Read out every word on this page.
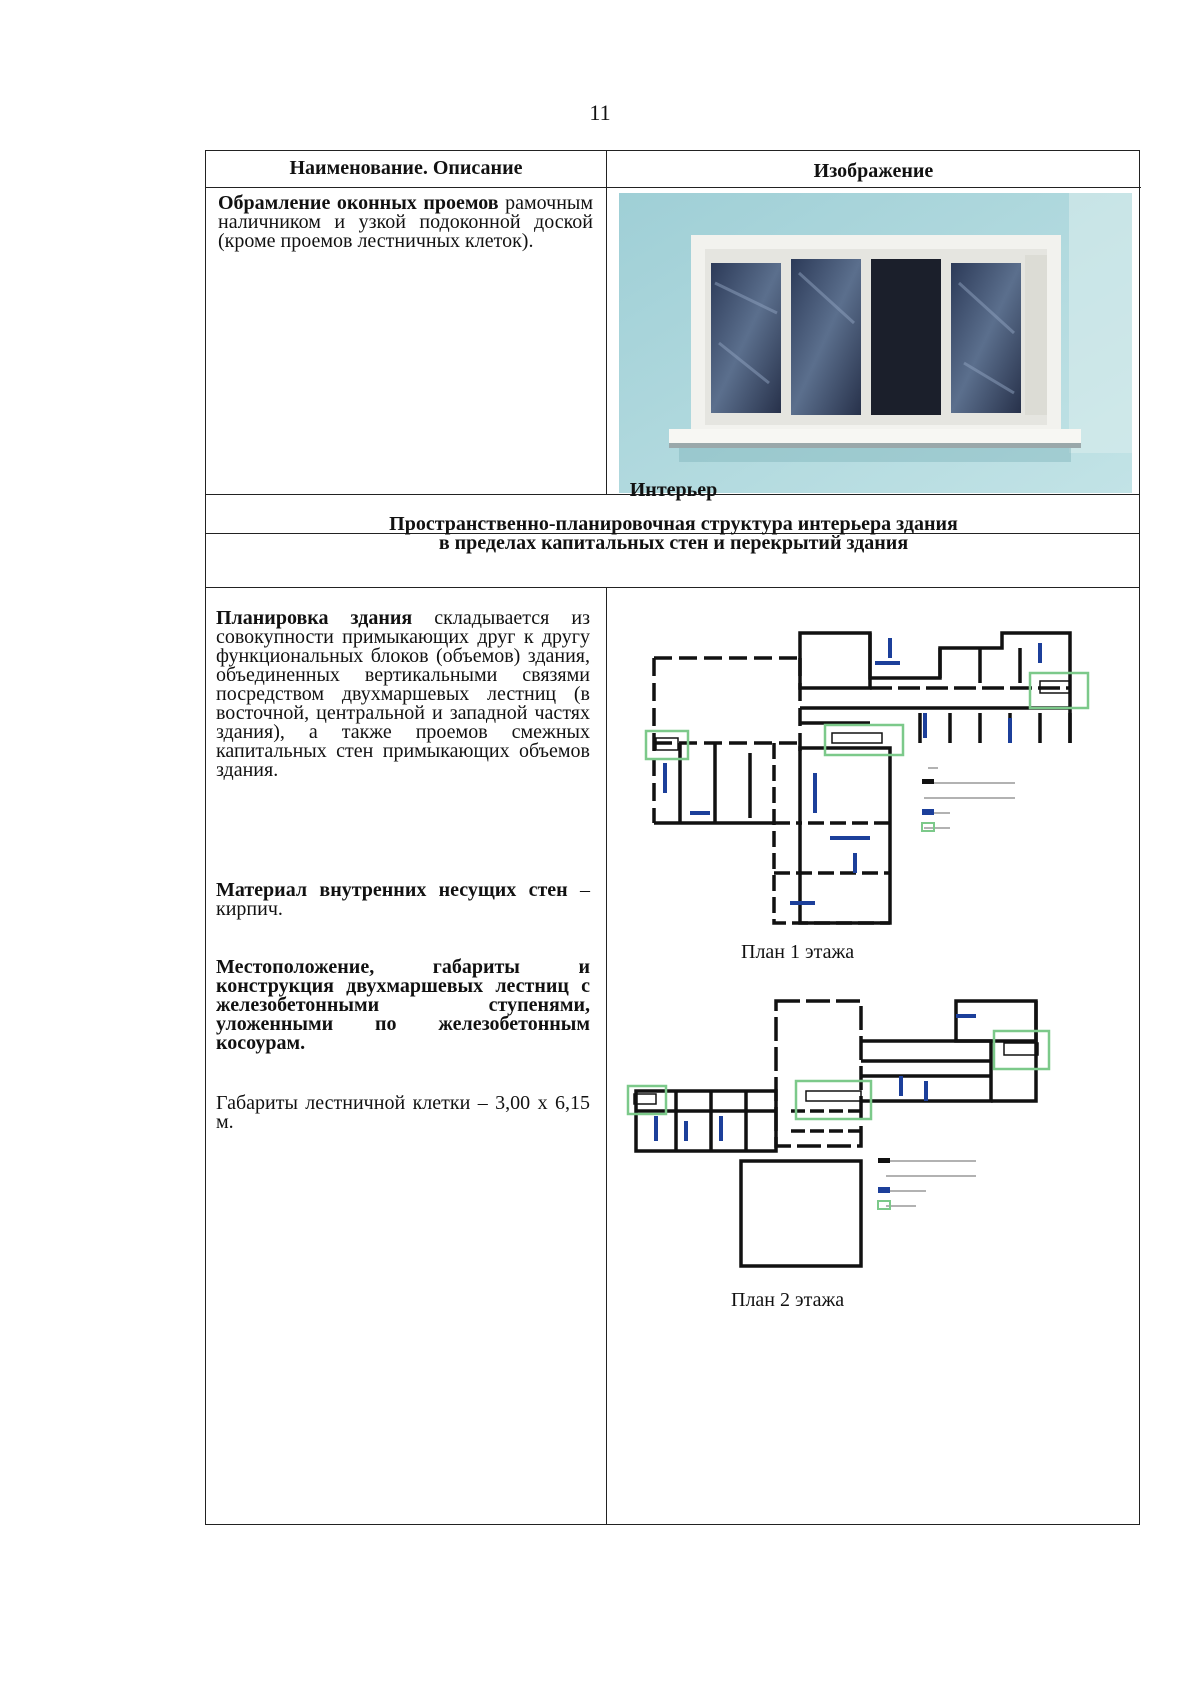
11
Наименование. Описание	Изображение
Обрамление оконных проемов рамочным наличником и узкой подоконной доской (кроме проемов лестничных клеток).
Интерьер
Пространственно-планировочная структура интерьера здания
в пределах капитальных стен и перекрытий здания
Планировка здания складывается из совокупности примыкающих друг к другу функциональных блоков (объемов) здания, объединенных вертикальными связями посредством двухмаршевых лестниц (в восточной, центральной и западной частях здания), а также проемов смежных капитальных стен примыкающих объемов здания.
Материал внутренних несущих стен – кирпич.
Местоположение, габариты и конструкция двухмаршевых лестниц с железобетонными ступенями, уложенными по железобетонным косоурам.
Габариты лестничной клетки – 3,00 х 6,15 м.
План 1 этажа
План 2 этажа
